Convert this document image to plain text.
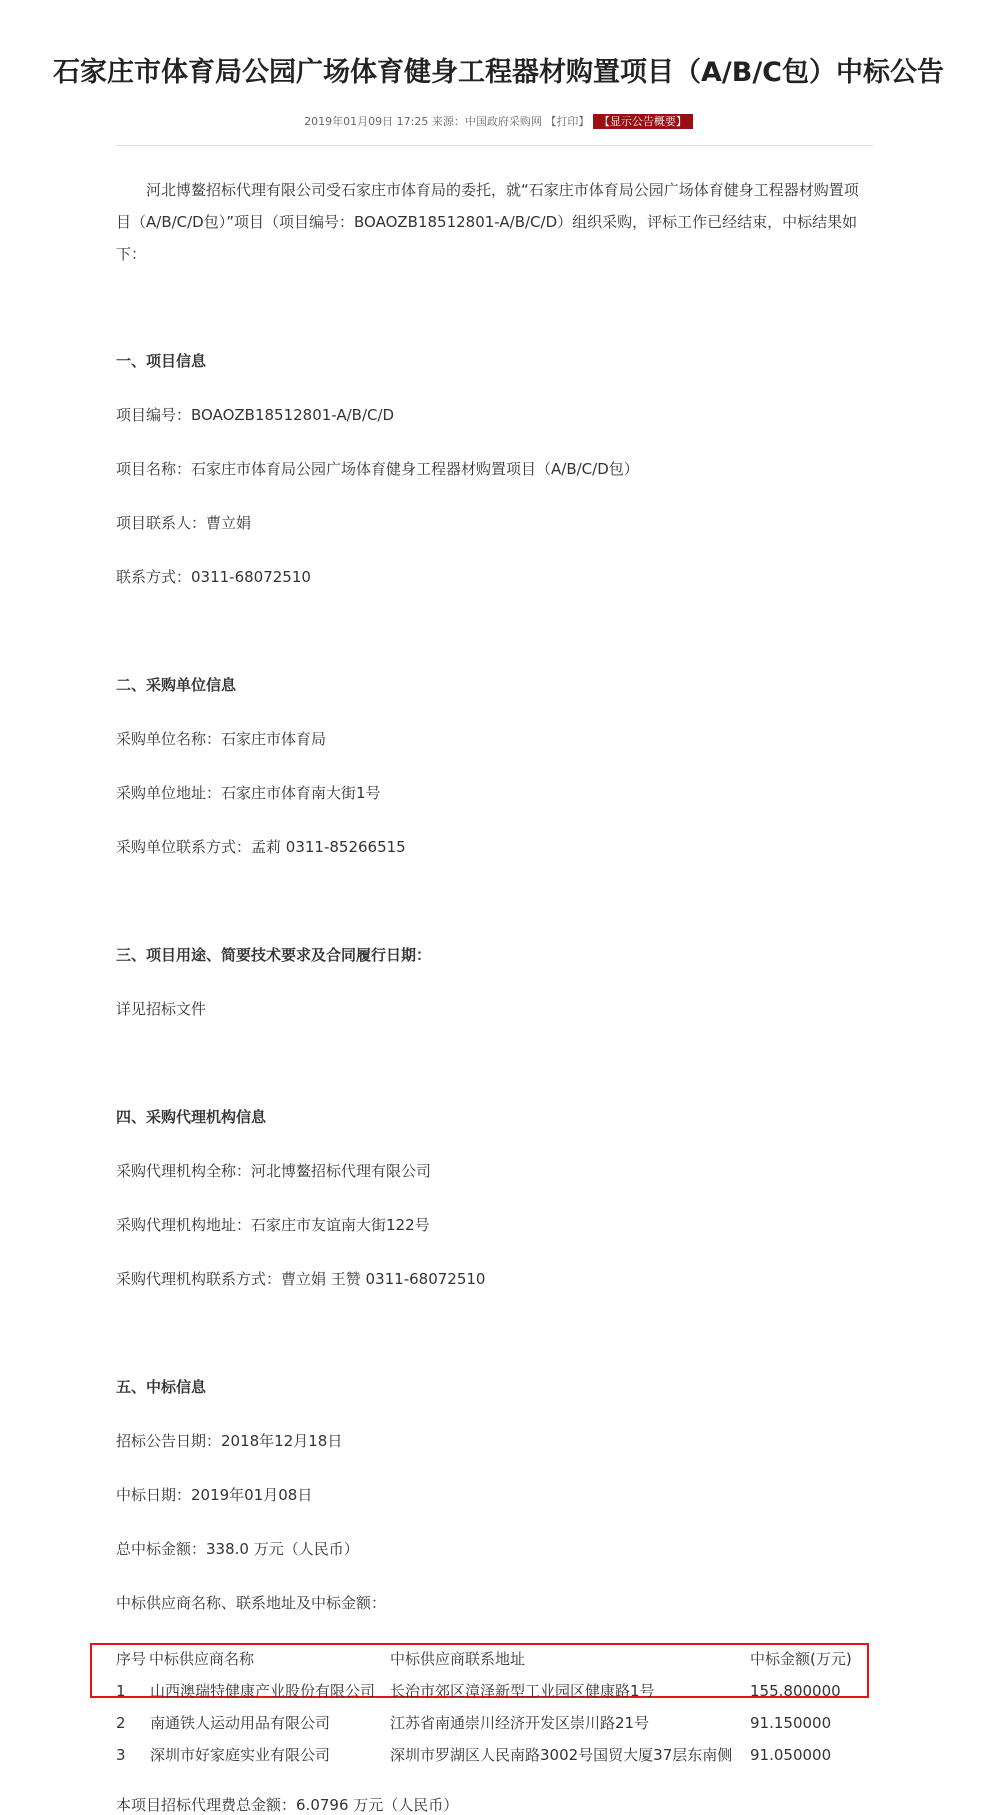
石家庄市体育局公园广场体育健身工程器材购置项目（A/B/C包）中标公告
2019年01月09日 17:25 来源：中国政府采购网 【打印】 【显示公告概要】
河北博鳌招标代理有限公司受石家庄市体育局的委托，就“石家庄市体育局公园广场体育健身工程器材购置项目（A/B/C/D包）”项目（项目编号：BOAOZB18512801-A/B/C/D）组织采购，评标工作已经结束，中标结果如下：
一、项目信息
项目编号：BOAOZB18512801-A/B/C/D
项目名称：石家庄市体育局公园广场体育健身工程器材购置项目（A/B/C/D包）
项目联系人：曹立娟
联系方式：0311-68072510
二、采购单位信息
采购单位名称：石家庄市体育局
采购单位地址：石家庄市体育南大街1号
采购单位联系方式：孟莉 0311-85266515
三、项目用途、简要技术要求及合同履行日期：
详见招标文件
四、采购代理机构信息
采购代理机构全称：河北博鳌招标代理有限公司
采购代理机构地址：石家庄市友谊南大街122号
采购代理机构联系方式：曹立娟 王赞 0311-68072510
五、中标信息
招标公告日期：2018年12月18日
中标日期：2019年01月08日
总中标金额：338.0 万元（人民币）
中标供应商名称、联系地址及中标金额：
序号 中标供应商名称	中标供应商联系地址	中标金额(万元)
1 山西澳瑞特健康产业股份有限公司 长治市郊区漳泽新型工业园区健康路1号	155.800000
2 南通铁人运动用品有限公司	江苏省南通崇川经济开发区崇川路21号	91.150000
3 深圳市好家庭实业有限公司	深圳市罗湖区人民南路3002号国贸大厦37层东南侧 91.050000
本项目招标代理费总金额：6.0796 万元（人民币）
